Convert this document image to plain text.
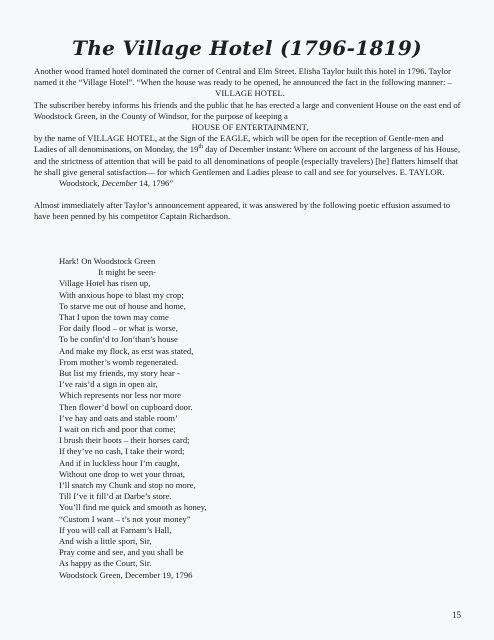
The Village Hotel (1796-1819)

Another wood framed hotel dominated the corner of Central and Elm Street. Elisha Taylor built this hotel in 1796. Taylor named it the “Village Hotel”. “When the house was ready to be opened, he announced the fact in the following manner: –

VILLAGE HOTEL.

The subscriber hereby informs his friends and the public that he has erected a large and convenient House on the east end of Woodstock Green, in the County of Windsor, for the purpose of keeping a

HOUSE OF ENTERTAINMENT,

by the name of VILLAGE HOTEL, at the Sign of the EAGLE, which will be open for the reception of Gentle-men and Ladies of all denominations, on Monday, the 19th day of December instant: Where on account of the largeness of his House, and the strictness of attention that will be paid to all denominations of people (especially travelers) [he] flatters himself that he shall give general satisfaction— for which Gentlemen and Ladies please to call and see for yourselves. E. TAYLOR.

Woodstock, December 14, 1796”

Almost immediately after Taylor’s announcement appeared, it was answered by the following poetic effusion assumed to have been penned by his competitor Captain Richardson.

Hark! On Woodstock Green
It might be seen-
Village Hotel has risen up,
With anxious hope to blast my crop;
To starve me out of house and home,
That I upon the town may come
For daily flood – or what is worse,
To be confin’d to Jon’than’s house
And make my flock, as erst was stated,
From mother’s womb regenerated.
But list my friends, my story hear -
I’ve rais’d a sign in open air,
Which represents nor less nor more
Then flower’d bowl on cupboard door.
I’ve hay and oats and stable room’
I wait on rich and poor that come;
I brush their boots – their horses card;
If they’ve no cash, I take their word;
And if in luckless hour I’m caught,
Without one drop to wet your throat,
I’ll snatch my Chunk and stop no more,
Till I’ve it fill’d at Darbe’s store.
You’ll find me quick and smooth as honey,
“Custom I want – t’s not your money”
If you will call at Farnam’s Hall,
And wish a little sport, Sir,
Pray come and see, and you shall be
As happy as the Court, Sir.
Woodstock Green, December 19, 1796
15
